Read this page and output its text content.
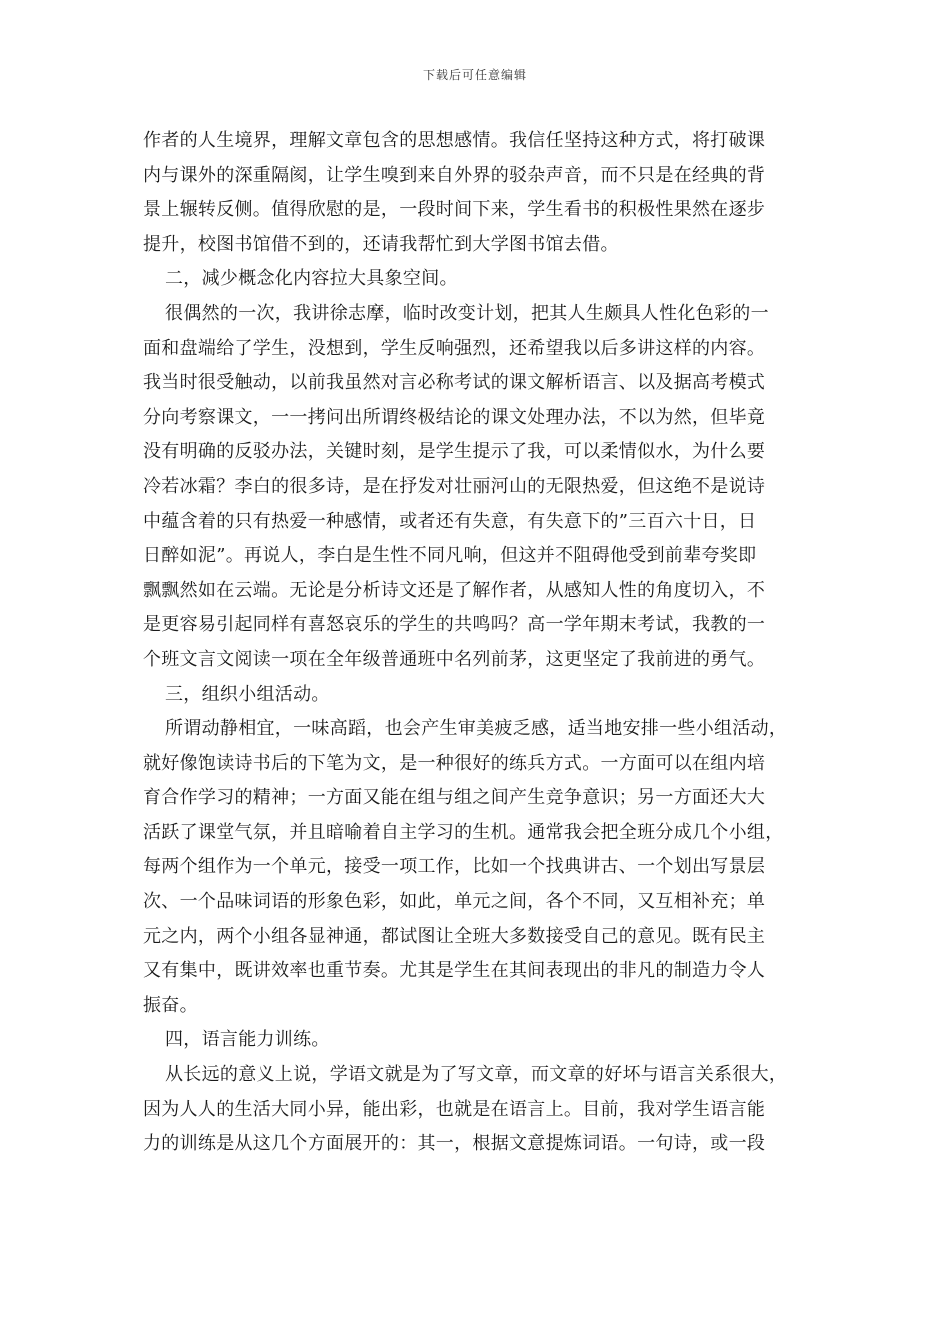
下载后可任意编辑
作者的人生境界，理解文章包含的思想感情。我信任坚持这种方式，将打破课
内与课外的深重隔阂，让学生嗅到来自外界的驳杂声音，而不只是在经典的背
景上辗转反侧。值得欣慰的是，一段时间下来，学生看书的积极性果然在逐步
提升，校图书馆借不到的，还请我帮忙到大学图书馆去借。
二，减少概念化内容拉大具象空间。
很偶然的一次，我讲徐志摩，临时改变计划，把其人生颇具人性化色彩的一
面和盘端给了学生，没想到，学生反响强烈，还希望我以后多讲这样的内容。
我当时很受触动，以前我虽然对言必称考试的课文解析语言、以及据高考模式
分向考察课文，一一拷问出所谓终极结论的课文处理办法，不以为然，但毕竟
没有明确的反驳办法，关键时刻，是学生提示了我，可以柔情似水，为什么要
冷若冰霜？李白的很多诗，是在抒发对壮丽河山的无限热爱，但这绝不是说诗
中蕴含着的只有热爱一种感情，或者还有失意，有失意下的”三百六十日，日
日醉如泥”。再说人，李白是生性不同凡响，但这并不阻碍他受到前辈夸奖即
飘飘然如在云端。无论是分析诗文还是了解作者，从感知人性的角度切入，不
是更容易引起同样有喜怒哀乐的学生的共鸣吗？高一学年期末考试，我教的一
个班文言文阅读一项在全年级普通班中名列前茅，这更坚定了我前进的勇气。
三，组织小组活动。
所谓动静相宜，一味高蹈，也会产生审美疲乏感，适当地安排一些小组活动，
就好像饱读诗书后的下笔为文，是一种很好的练兵方式。一方面可以在组内培
育合作学习的精神；一方面又能在组与组之间产生竞争意识；另一方面还大大
活跃了课堂气氛，并且暗喻着自主学习的生机。通常我会把全班分成几个小组，
每两个组作为一个单元，接受一项工作，比如一个找典讲古、一个划出写景层
次、一个品味词语的形象色彩，如此，单元之间，各个不同，又互相补充；单
元之内，两个小组各显神通，都试图让全班大多数接受自己的意见。既有民主
又有集中，既讲效率也重节奏。尤其是学生在其间表现出的非凡的制造力令人
振奋。
四，语言能力训练。
从长远的意义上说，学语文就是为了写文章，而文章的好坏与语言关系很大，
因为人人的生活大同小异，能出彩，也就是在语言上。目前，我对学生语言能
力的训练是从这几个方面展开的：其一，根据文意提炼词语。一句诗，或一段
